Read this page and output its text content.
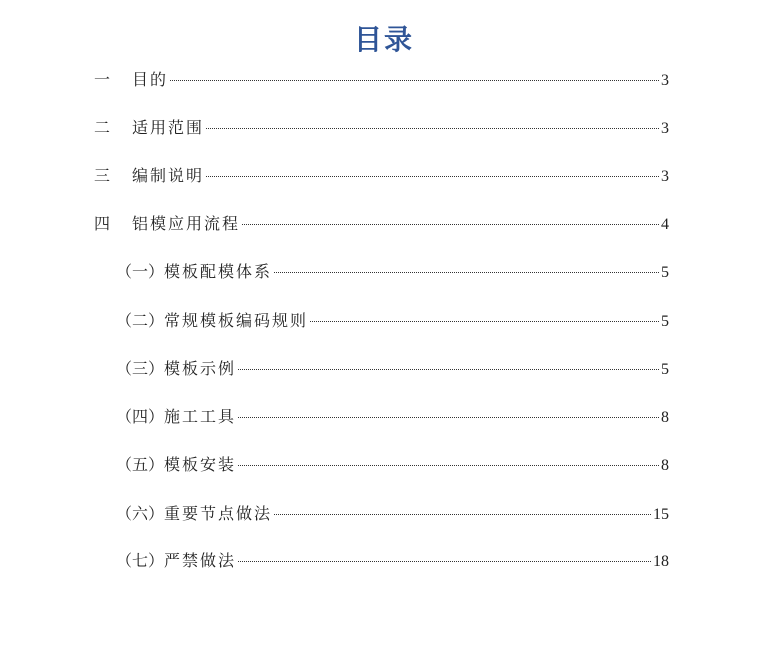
目录
一	目的	3
二	适用范围	3
三	编制说明	3
四	铝模应用流程	4
（一） 模板配模体系	5
（二） 常规模板编码规则	5
（三） 模板示例	5
（四） 施工工具	8
（五） 模板安装	8
（六） 重要节点做法	15
（七） 严禁做法	18
